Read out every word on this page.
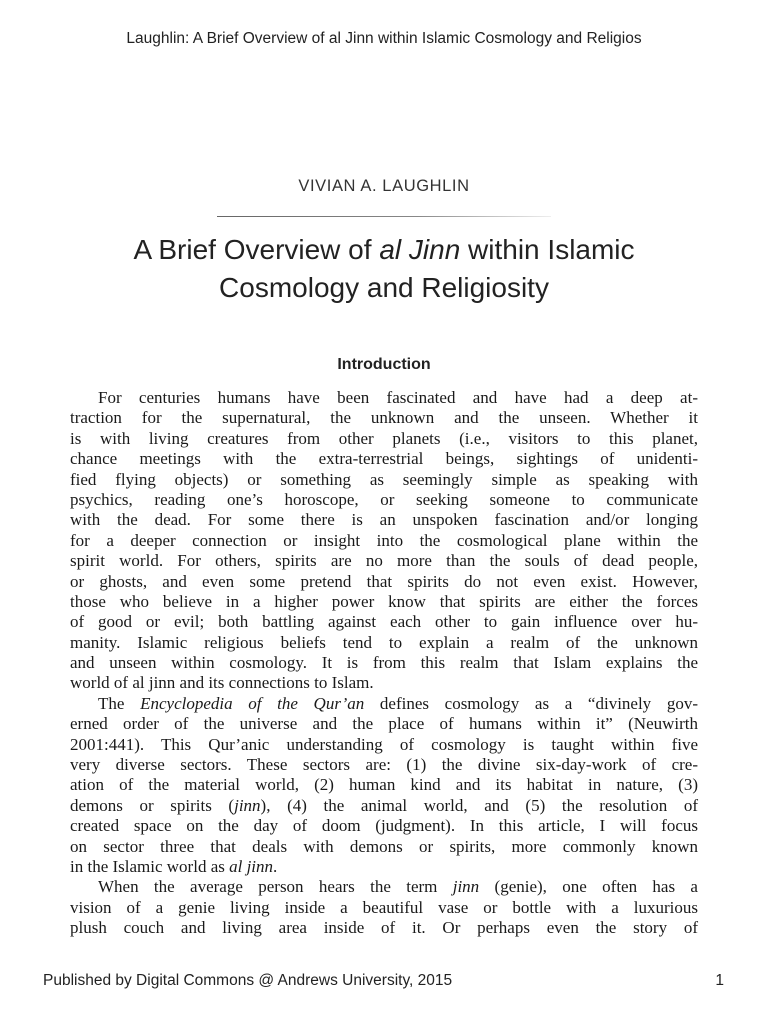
Laughlin: A Brief Overview of al Jinn within Islamic Cosmology and Religios
VIVIAN A. LAUGHLIN
A Brief Overview of al Jinn within Islamic
Cosmology and Religiosity
Introduction
For centuries humans have been fascinated and have had a deep at-
traction for the supernatural, the unknown and the unseen. Whether it
is with living creatures from other planets (i.e., visitors to this planet,
chance meetings with the extra-terrestrial beings, sightings of unidenti-
fied flying objects) or something as seemingly simple as speaking with
psychics, reading one’s horoscope, or seeking someone to communicate
with the dead. For some there is an unspoken fascination and/or longing
for a deeper connection or insight into the cosmological plane within the
spirit world. For others, spirits are no more than the souls of dead people,
or ghosts, and even some pretend that spirits do not even exist. However,
those who believe in a higher power know that spirits are either the forces
of good or evil; both battling against each other to gain influence over hu-
manity. Islamic religious beliefs tend to explain a realm of the unknown
and unseen within cosmology. It is from this realm that Islam explains the
world of al jinn and its connections to Islam.
The Encyclopedia of the Qur’an defines cosmology as a “divinely gov-
erned order of the universe and the place of humans within it” (Neuwirth
2001:441). This Qur’anic understanding of cosmology is taught within five
very diverse sectors. These sectors are: (1) the divine six-day-work of cre-
ation of the material world, (2) human kind and its habitat in nature, (3)
demons or spirits (jinn), (4) the animal world, and (5) the resolution of
created space on the day of doom (judgment). In this article, I will focus
on sector three that deals with demons or spirits, more commonly known
in the Islamic world as al jinn.
When the average person hears the term jinn (genie), one often has a
vision of a genie living inside a beautiful vase or bottle with a luxurious
plush couch and living area inside of it. Or perhaps even the story of
Published by Digital Commons @ Andrews University, 2015	1
